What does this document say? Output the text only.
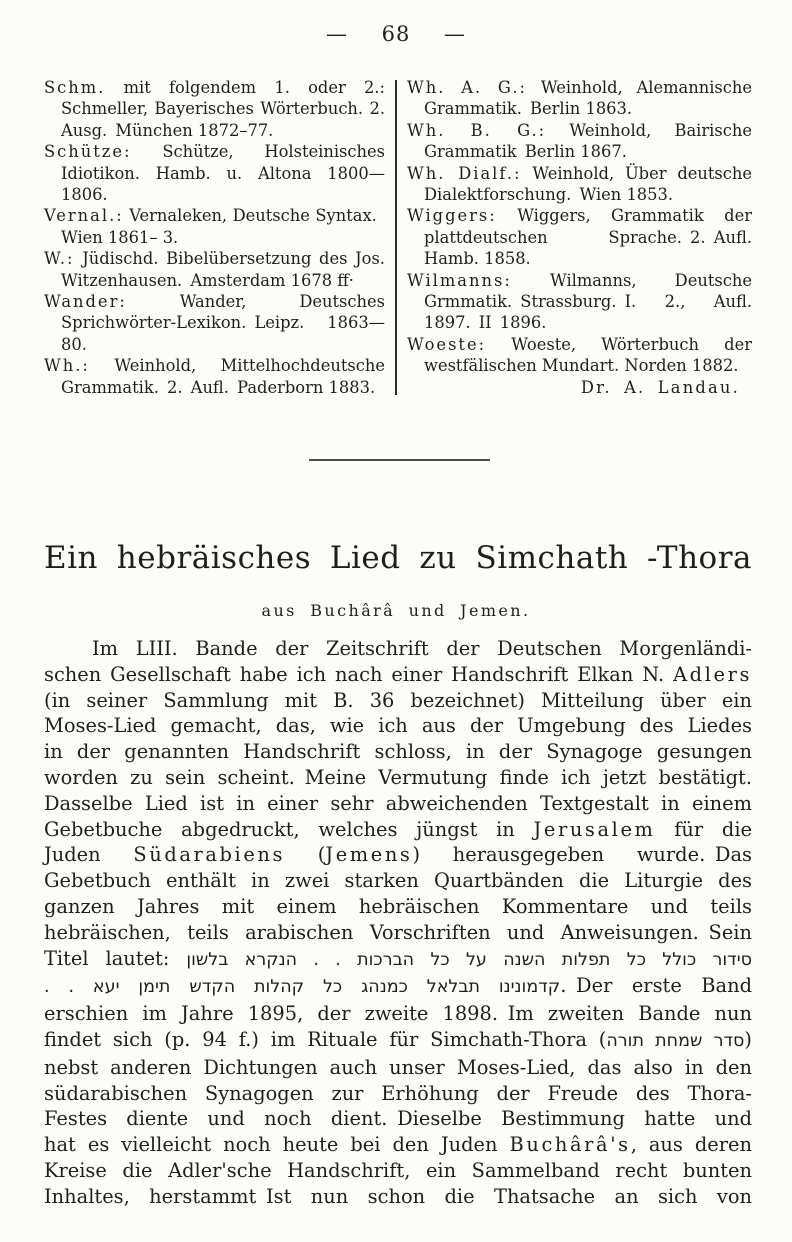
— 68 —
Schm. mit folgendem 1. oder 2.: Schmeller, Bayerisches Wörterbuch. 2. Ausg. München 1872–77.
Schütze: Schütze, Holsteinisches Idiotikon. Hamb. u. Altona 1800—1806.
Vernal.: Vernaleken, Deutsche Syntax. Wien 1861– 3.
W.: Jüdischd. Bibelübersetzung des Jos. Witzenhausen. Amsterdam 1678 ff·
Wander:	Wander, Deutsches Sprichwörter-Lexikon. Leipz. 1863—80.
Wh.: Weinhold, Mittelhochdeutsche Grammatik. 2. Aufl. Paderborn 1883.
Wh. A. G.: Weinhold, Alemannische Grammatik. Berlin 1863.
Wh. B. G.: Weinhold, Bairische Grammatik Berlin 1867.
Wh. Dialf.: Weinhold, Über deutsche Dialektforschung. Wien 1853.
Wiggers: Wiggers, Grammatik der plattdeutschen Sprache. 2. Aufl. Hamb. 1858.
Wilmanns: Wilmanns, Deutsche Grmmatik. Strassburg. I. 2.‚ Aufl. 1897. II 1896.
Woeste: Woeste, Wörterbuch der westfälischen Mundart. Norden 1882.
Dr. A. Landau.
Ein hebräisches Lied zu Simchath -Thora
aus Buchârâ und Jemen.
Im LIII. Bande der Zeitschrift der Deutschen Morgenländi-
schen Gesellschaft habe ich nach einer Handschrift Elkan N. Adlers
(in seiner Sammlung mit B. 36 bezeichnet) Mitteilung über ein
Moses-Lied gemacht, das, wie ich aus der Umgebung des Liedes
in der genannten Handschrift schloss, in der Synagoge gesungen
worden zu sein scheint. Meine Vermutung finde ich jetzt bestätigt.
Dasselbe Lied ist in einer sehr abweichenden Textgestalt in einem
Gebetbuche abgedruckt, welches jüngst in Jerusalem für die
Juden Südarabiens (Jemens) herausgegeben wurde. Das
Gebetbuch enthält in zwei starken Quartbänden die Liturgie des
ganzen Jahres mit einem hebräischen Kommentare und teils
hebräischen, teils arabischen Vorschriften und Anweisungen. Sein
Titel lautet: סידור כולל כל תפלות השנה על כל הברכות . . הנקרא בלשון
קדמונינו תבלאל כמנהג כל קהלות הקדש תימן יעא . .. Der erste Band
erschien im Jahre 1895, der zweite 1898. Im zweiten Bande nun
findet sich (p. 94 f.) im Rituale für Simchath-Thora (סדר שמחת תורה)
nebst anderen Dichtungen auch unser Moses-Lied, das also in den
südarabischen Synagogen zur Erhöhung der Freude des Thora-
Festes diente und noch dient. Dieselbe Bestimmung hatte und
hat es vielleicht noch heute bei den Juden Buchârâ's, aus deren
Kreise die Adler'sche Handschrift, ein Sammelband recht bunten
Inhaltes, herstammt Ist nun schon die Thatsache an sich von
